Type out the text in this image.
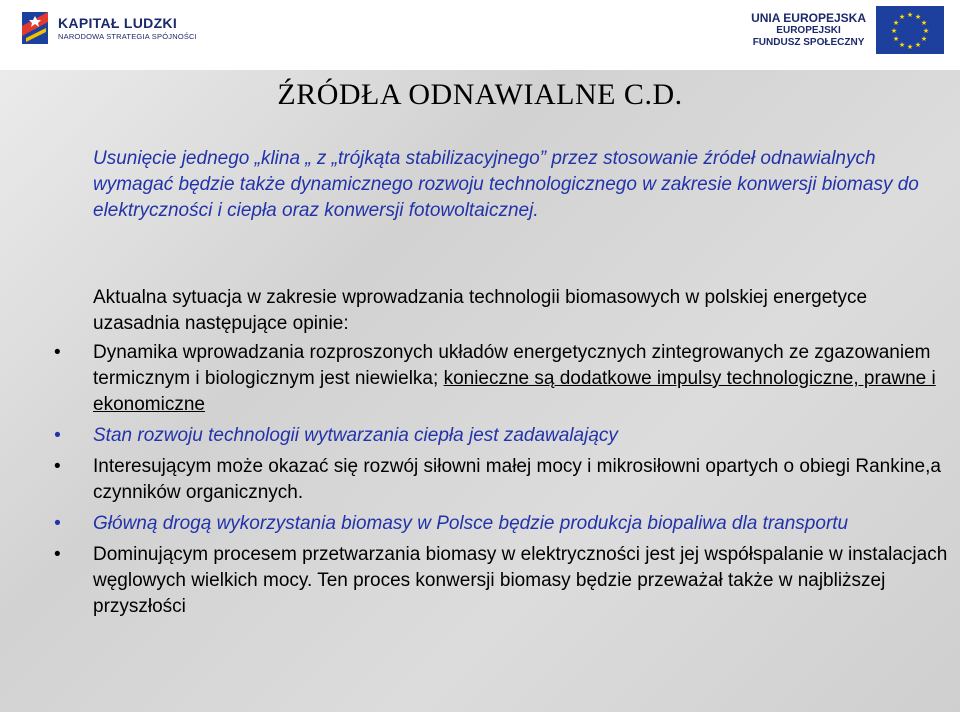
KAPITAŁ LUDZKI
NARODOWA STRATEGIA SPÓJNOŚCI
UNIA EUROPEJSKA
EUROPEJSKI
FUNDUSZ SPOŁECZNY
★ ★
★
★
★
★
★
★
★
★
★
★
ŹRÓDŁA ODNAWIALNE C.D.
Usunięcie jednego „klina „ z „trójkąta stabilizacyjnego” przez stosowanie źródeł odnawialnych wymagać będzie także dynamicznego rozwoju technologicznego w zakresie konwersji biomasy do elektryczności i ciepła oraz konwersji fotowoltaicznej.
Aktualna sytuacja w zakresie wprowadzania technologii biomasowych w polskiej energetyce uzasadnia następujące opinie:
• Dynamika wprowadzania rozproszonych układów energetycznych zintegrowanych ze zgazowaniem termicznym i biologicznym jest niewielka; konieczne są dodatkowe impulsy technologiczne, prawne i ekonomiczne
• Stan rozwoju technologii wytwarzania ciepła jest zadawalający
• Interesującym może okazać się rozwój siłowni małej mocy i mikrosiłowni opartych o obiegi Rankine,a czynników organicznych.
• Główną drogą wykorzystania biomasy w Polsce będzie produkcja biopaliwa dla transportu
• Dominującym procesem przetwarzania biomasy w elektryczności jest jej współspalanie w instalacjach węglowych wielkich mocy. Ten proces konwersji biomasy będzie przeważał także w najbliższej przyszłości
